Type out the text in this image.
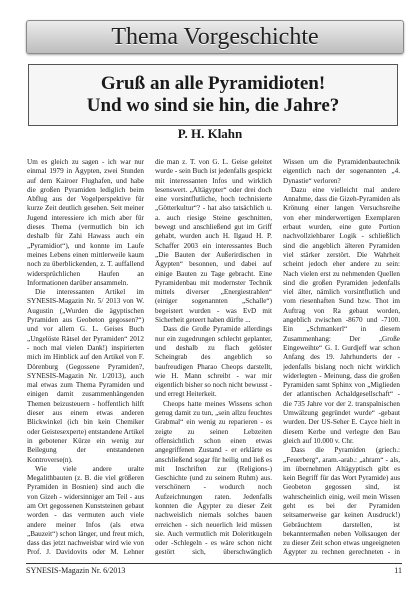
Thema Vorgeschichte
Gruß an alle Pyramidioten!
Und wo sind sie hin, die Jahre?
P. H. Klahn

Um es gleich zu sagen - ich war nur einmal 1979 in Ägypten, zwei Stunden auf dem Kairoer Flughafen, und habe die großen Pyramiden lediglich beim Abflug aus der Vogelperspektive für kurze Zeit deutlich gesehen. Seit meiner Jugend interessiere ich mich aber für dieses Thema (vermutlich bin ich deshalb für Zahi Hawass auch ein „Pyramidiot“), und konnte im Laufe meines Lebens einen mittlerweile kaum noch zu überblickenden, z. T. auffallend widersprüchlichen Haufen an Informationen darüber ansammeln.

Die interessanten Artikel im SYNESIS-Magazin Nr. 5/ 2013 von W. Augustin („Wurden die ägyptischen Pyramiden aus Geobeton gegossen?“) und vor allem G. L. Geises Buch „Ungelöste Rätsel der Pyramiden“ 2012 - noch mal vielen Dank!) inspirierten mich im Hinblick auf den Artikel von F. Dörenburg (Gegossene Pyramiden?, SYNESIS-Magazin Nr. 1/2013), auch mal etwas zum Thema Pyramiden und einigen damit zusammenhängenden Themen beizusteuern - hoffentlich hilft dieser aus einem etwas anderen Blickwinkel (ich bin kein Chemiker oder Geistesexperte) entstandene Artikel in gebotener Kürze ein wenig zur Beilegung der entstandenen Kontroverse(n).

Wie viele andere uralte Megalithbauten (z. B. die viel größeren Pyramiden in Bosnien) sind auch die von Gizeh - widersinniger am Teil - aus am Ort gegossenen Kunststeinen gebaut worden - das vermuten auch viele andere meiner Infos (als etwa „Bauzeit“) schon länger, und freut mich, dass das jetzt nachweisbar wird wie von Prof. J. Davidovits oder M. Lehner

die man z. T. von G. L. Geise geleitet wurde - sein Buch ist jedenfalls gespickt mit interessanten Infos und wirklich lesenswert. „Altägypter“ oder drei doch eine vorsintflutliche, hoch technisierte „Götterkultur“? - hat also tatsächlich u. a. auch riesige Steine geschnitten, bewegt und anschließend gut im Griff gehabt, wurden auch H. Ilgaud H. P. Schaffer 2003 ein interessantes Buch „Die Bauten der Außerirdischen in Ägypten“ besonnen, und dabei auf einige Bauten zu Tage gebracht. Eine Pyramidenbau mit modernster Technik mittels diverser „Energiestrahlen“ (einiger sogenannten „Schalle“) begeistert wurden - was EvD mit Sicherheit geteert haben dürfte ...

Dass die Große Pyramide allerdings nur ein zugedrungen schlecht geplanter, und deshalb zu flach gelöster Scheingrab des angeblich so baufreudigen Pharao Cheops darstellt, wie H. Mann schreibt - war mir eigentlich bisher so noch nicht bewusst - und erregt Heiterkeit.

Cheops hatte meines Wissens schon genug damit zu tun, „sein allzu feuchtes Grabmal“ ein wenig zu reparieren - es zeigte zu seinen Lebzeiten offensichtlich schon einen etwas angegriffenen Zustand - er erklärte es anschließend sogar für heilig und ließ es mit Inschriften zur (Religions-) Geschichte (und zu seinem Ruhm) aus. verschönern - wodurch noch Aufzeichnungen raten. Jedenfalls konnten die Ägypter zu dieser Zeit nachweislich niemals solches bauen erreichen - sich neuerlich leid müssen sie. Auch vermutlich mit Doleritkugeln oder -Schlegeln - es wäre schon nicht gestört sich, überschwänglich

Wissen um die Pyramidenbautechnik eigentlich nach der sogenannten „4. Dynastie“ verloren?

Dazu eine vielleicht mal andere Annahme, dass die Gizeh-Pyramiden als Krönung einer langen Versuchsreihe von eher minderwertigen Exemplaren erbaut wurden, eine gute Portion nachvollziehbarer Logik - schließlich sind die angeblich älteren Pyramiden viel stärker zerstört. Die Wahrheit scheint jedoch eher andere zu sein: Nach vielen erst zu nehmenden Quellen sind die großen Pyramiden jedenfalls viel älter, nämlich vorsintflutlich und vom riesenhaften Sund bzw. Thot im Auftrag von Ra gebaut worden, angeblich zwischen -8670 und -7100. Ein „Schmankerl“ in diesem Zusammenhang: Der „Große Eingeweihte“ G. I. Gurdjeff war schon Anfang des 19. Jahrhunderts der - jedenfalls bislang noch nicht wirklich widerlegten - Meinung, dass die großen Pyramiden samt Sphinx von „Miglieden der atlantischen Achaldgesellschaft“ - die 735 Jahre vor der 2. transpalnischen Umwälzung gegründet wurde“ -gebaut wurden. Der US-Seher E. Cayce hielt in diesem Kerbe und verlegte den Bau gleich auf 10.000 v. Chr.

Dass die Pyramiden (griech.: „Feuerberg“, aram.-arab.: „ahram“ - als, im übernehmen Altägyptisch gibt es kein Begriff für das Wort Pyramide) aus Geobeton gegossen sind, ist wahrscheinlich einig, weil mein Wissen geht es bei der Pyramiden seitsamerweise gar keinen Ausdruck!) Gebräuchtem darstellen, ist bekanntermaßen neben Volksaugen der zu dieser Zeit schon etwas ungeeigneten Ägypter zu rechnen gerechneten - in

SYNESIS-Magazin Nr. 6/2013	11
